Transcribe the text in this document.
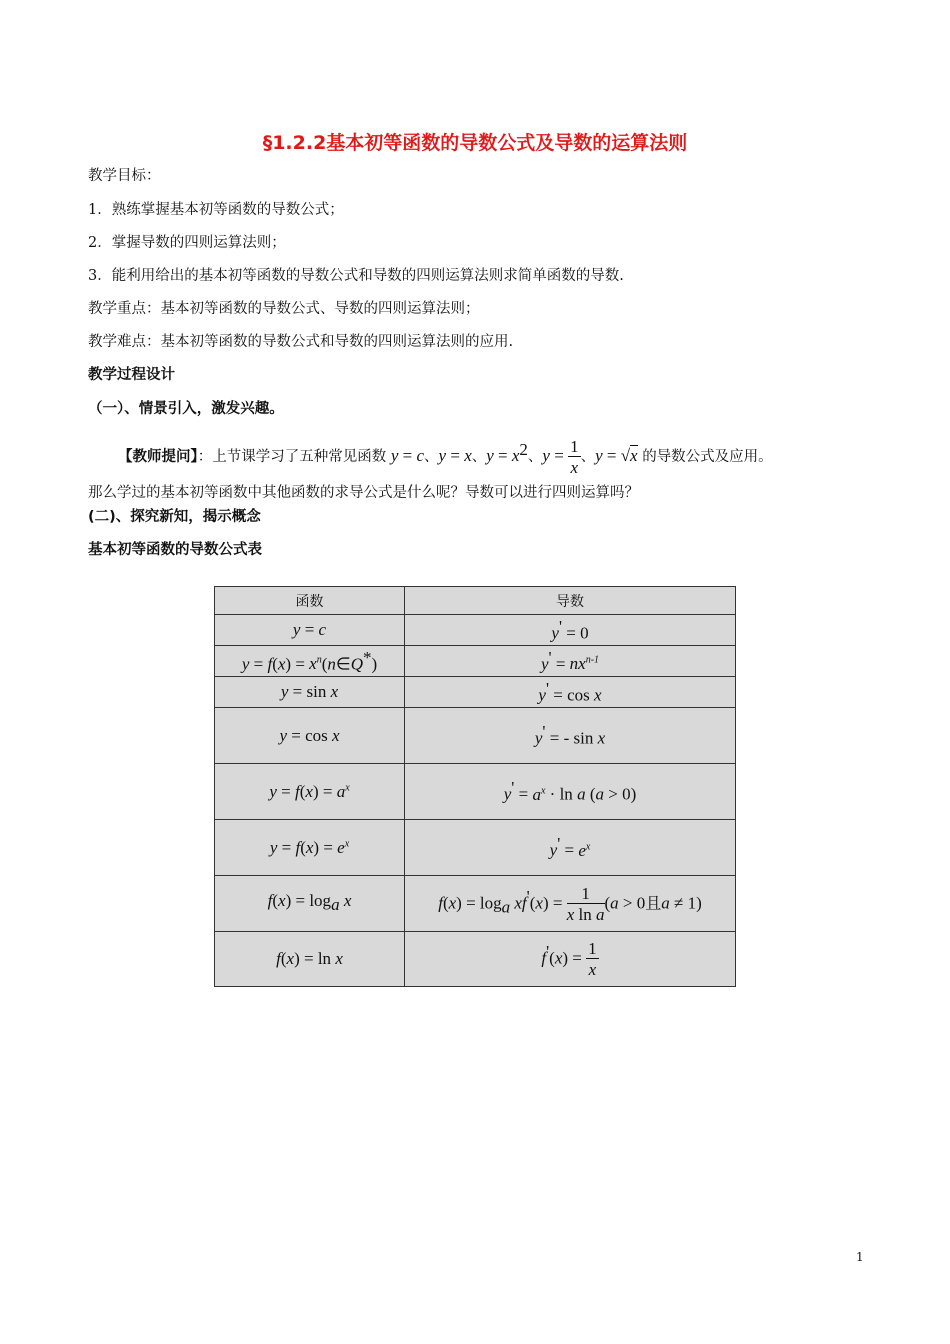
§1.2.2基本初等函数的导数公式及导数的运算法则
教学目标：
1．熟练掌握基本初等函数的导数公式；
2．掌握导数的四则运算法则；
3．能利用给出的基本初等函数的导数公式和导数的四则运算法则求简单函数的导数.
教学重点：基本初等函数的导数公式、导数的四则运算法则；
教学难点：基本初等函数的导数公式和导数的四则运算法则的应用.
教学过程设计
（一）、情景引入，激发兴趣。
【教师提问】：上节课学习了五种常见函数 y = c、y = x、$y = x^2$、$y = \frac{1}{x}$ 、y = √x 的导数公式及应用。
那么学过的基本初等函数中其他函数的求导公式是什么呢？导数可以进行四则运算吗？
(二)、探究新知，揭示概念
基本初等函数的导数公式表
函数	导数
y = c	y' = 0
$y = f(x) = x^n(n\in Q^*)$	$y' = nx^{n-1}$
y = sin x	y' = cos x
y = cos x	y' = - sin x
$y = f(x) = a^x$	$y' = a^x \cdot \ln a$ (a > 0)
$y = f(x) = e^x$	$y' = e^x$
$f(x) = \log_a x$	$f(x) = \log_a xf'(x) = \frac{1}{\text{x ln a}} (a > 0$且a ≠ 1)
f(x) = ln x	$f'(x) = \frac{1}{x}$
1
